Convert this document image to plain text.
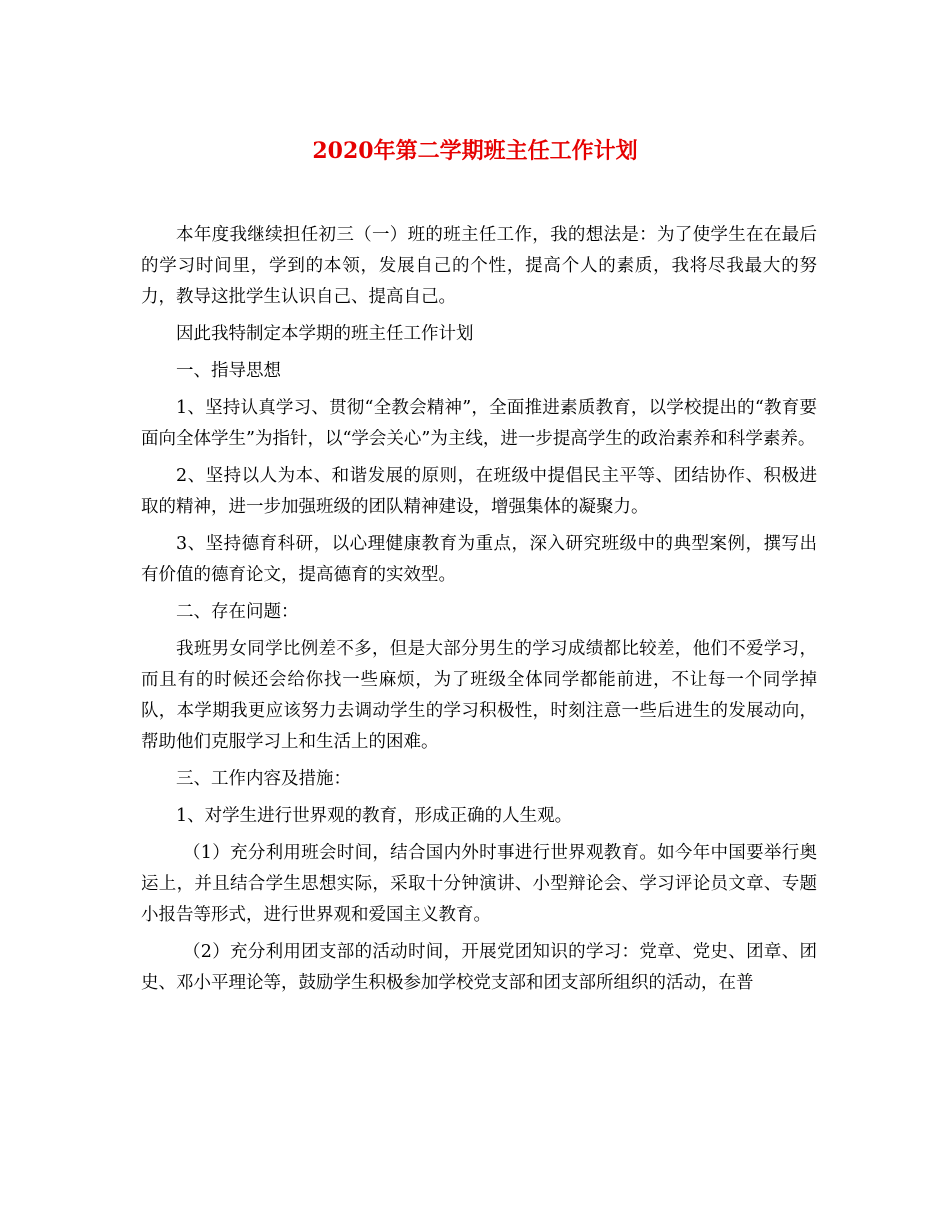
2020年第二学期班主任工作计划

本年度我继续担任初三（一）班的班主任工作，我的想法是：为了使学生在在最后的学习时间里，学到的本领，发展自己的个性，提高个人的素质，我将尽我最大的努力，教导这批学生认识自己、提高自己。

因此我特制定本学期的班主任工作计划

一、指导思想

1、坚持认真学习、贯彻“全教会精神”，全面推进素质教育，以学校提出的“教育要面向全体学生”为指针，以“学会关心”为主线，进一步提高学生的政治素养和科学素养。

2、坚持以人为本、和谐发展的原则，在班级中提倡民主平等、团结协作、积极进取的精神，进一步加强班级的团队精神建设，增强集体的凝聚力。

3、坚持德育科研，以心理健康教育为重点，深入研究班级中的典型案例，撰写出有价值的德育论文，提高德育的实效型。

二、存在问题：

我班男女同学比例差不多，但是大部分男生的学习成绩都比较差，他们不爱学习，而且有的时候还会给你找一些麻烦，为了班级全体同学都能前进，不让每一个同学掉队，本学期我更应该努力去调动学生的学习积极性，时刻注意一些后进生的发展动向，帮助他们克服学习上和生活上的困难。

三、工作内容及措施：

1、对学生进行世界观的教育，形成正确的人生观。

（1）充分利用班会时间，结合国内外时事进行世界观教育。如今年中国要举行奥运上，并且结合学生思想实际，采取十分钟演讲、小型辩论会、学习评论员文章、专题小报告等形式，进行世界观和爱国主义教育。

（2）充分利用团支部的活动时间，开展党团知识的学习：党章、党史、团章、团史、邓小平理论等，鼓励学生积极参加学校党支部和团支部所组织的活动，在普
